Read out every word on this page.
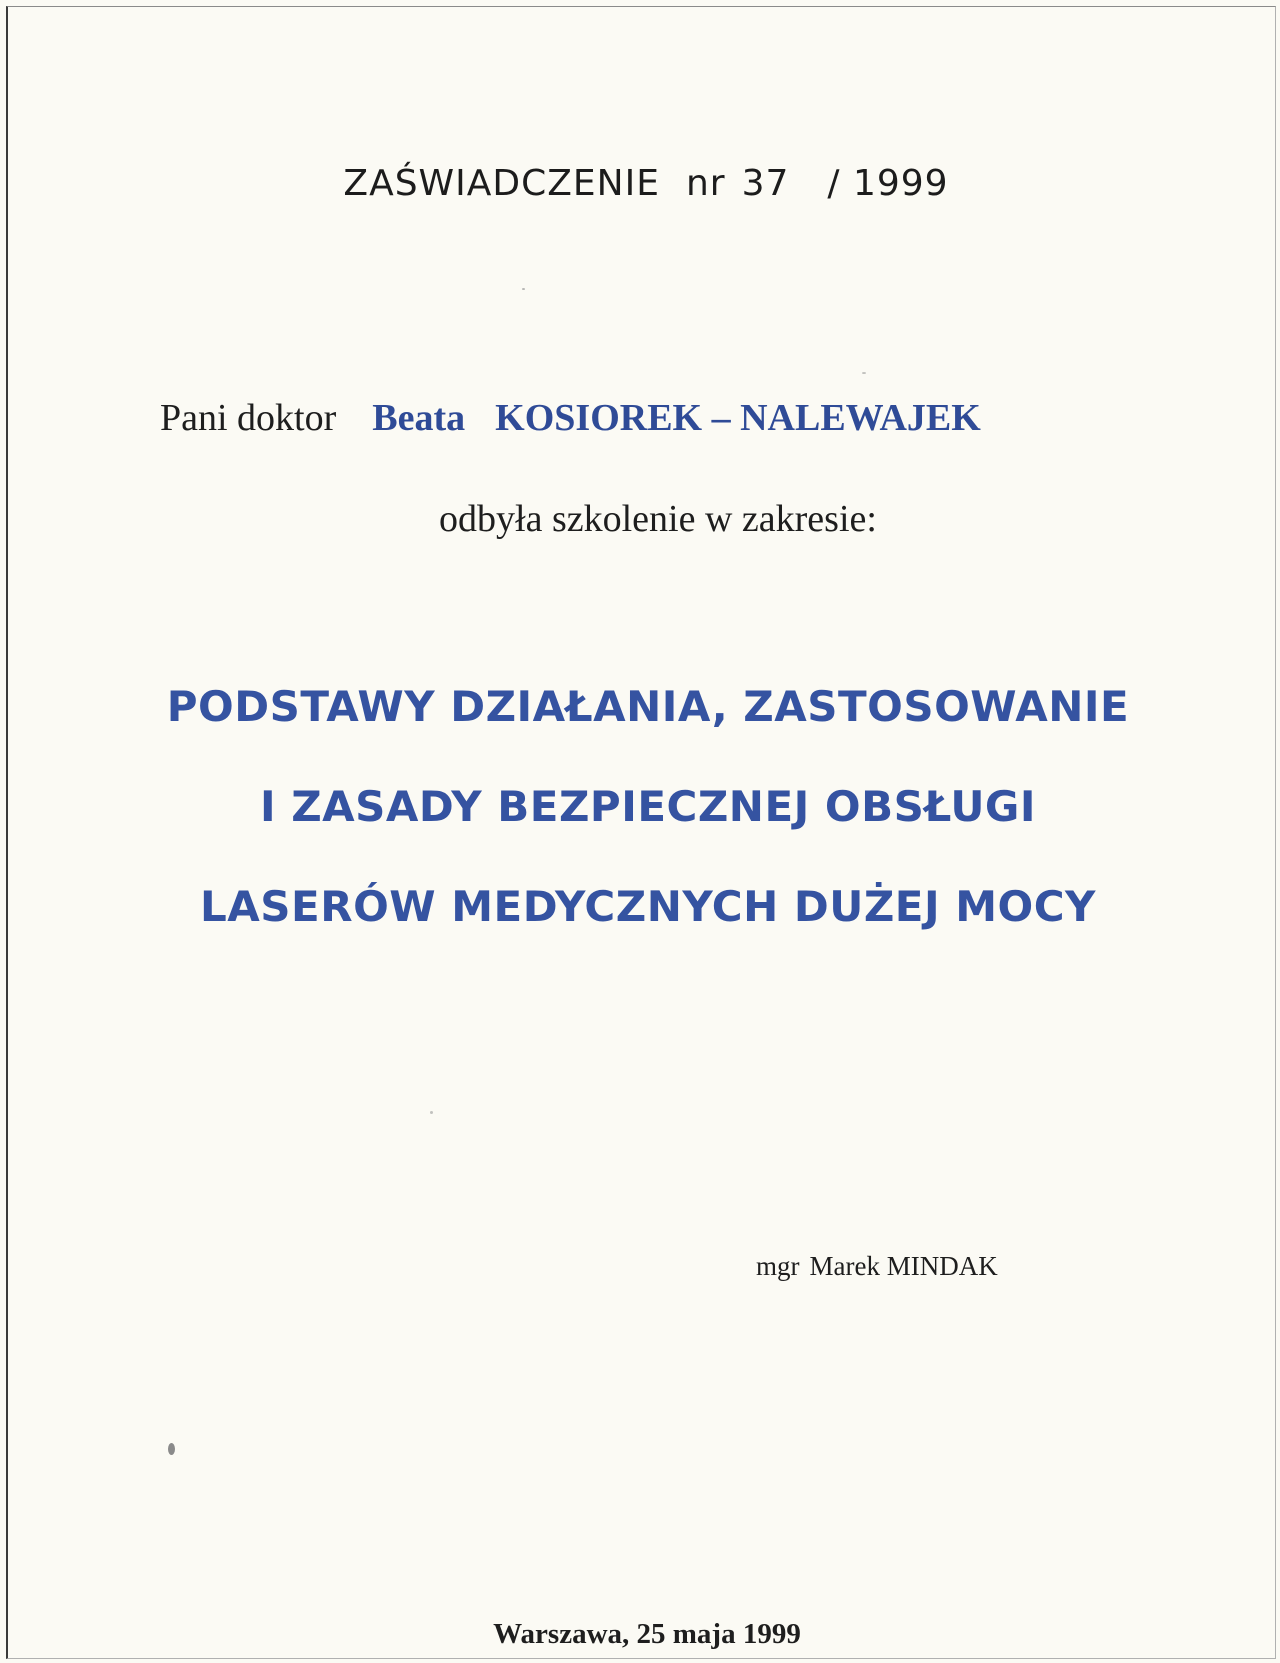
ZAŚWIADCZENIE nr 37 / 1999
Pani doktor Beata KOSIOREK – NALEWAJEK
odbyła szkolenie w zakresie:
PODSTAWY DZIAŁANIA, ZASTOSOWANIE
I ZASADY BEZPIECZNEJ OBSŁUGI
LASERÓW MEDYCZNYCH DUŻEJ MOCY
mgr Marek MINDAK
Warszawa, 25 maja 1999
